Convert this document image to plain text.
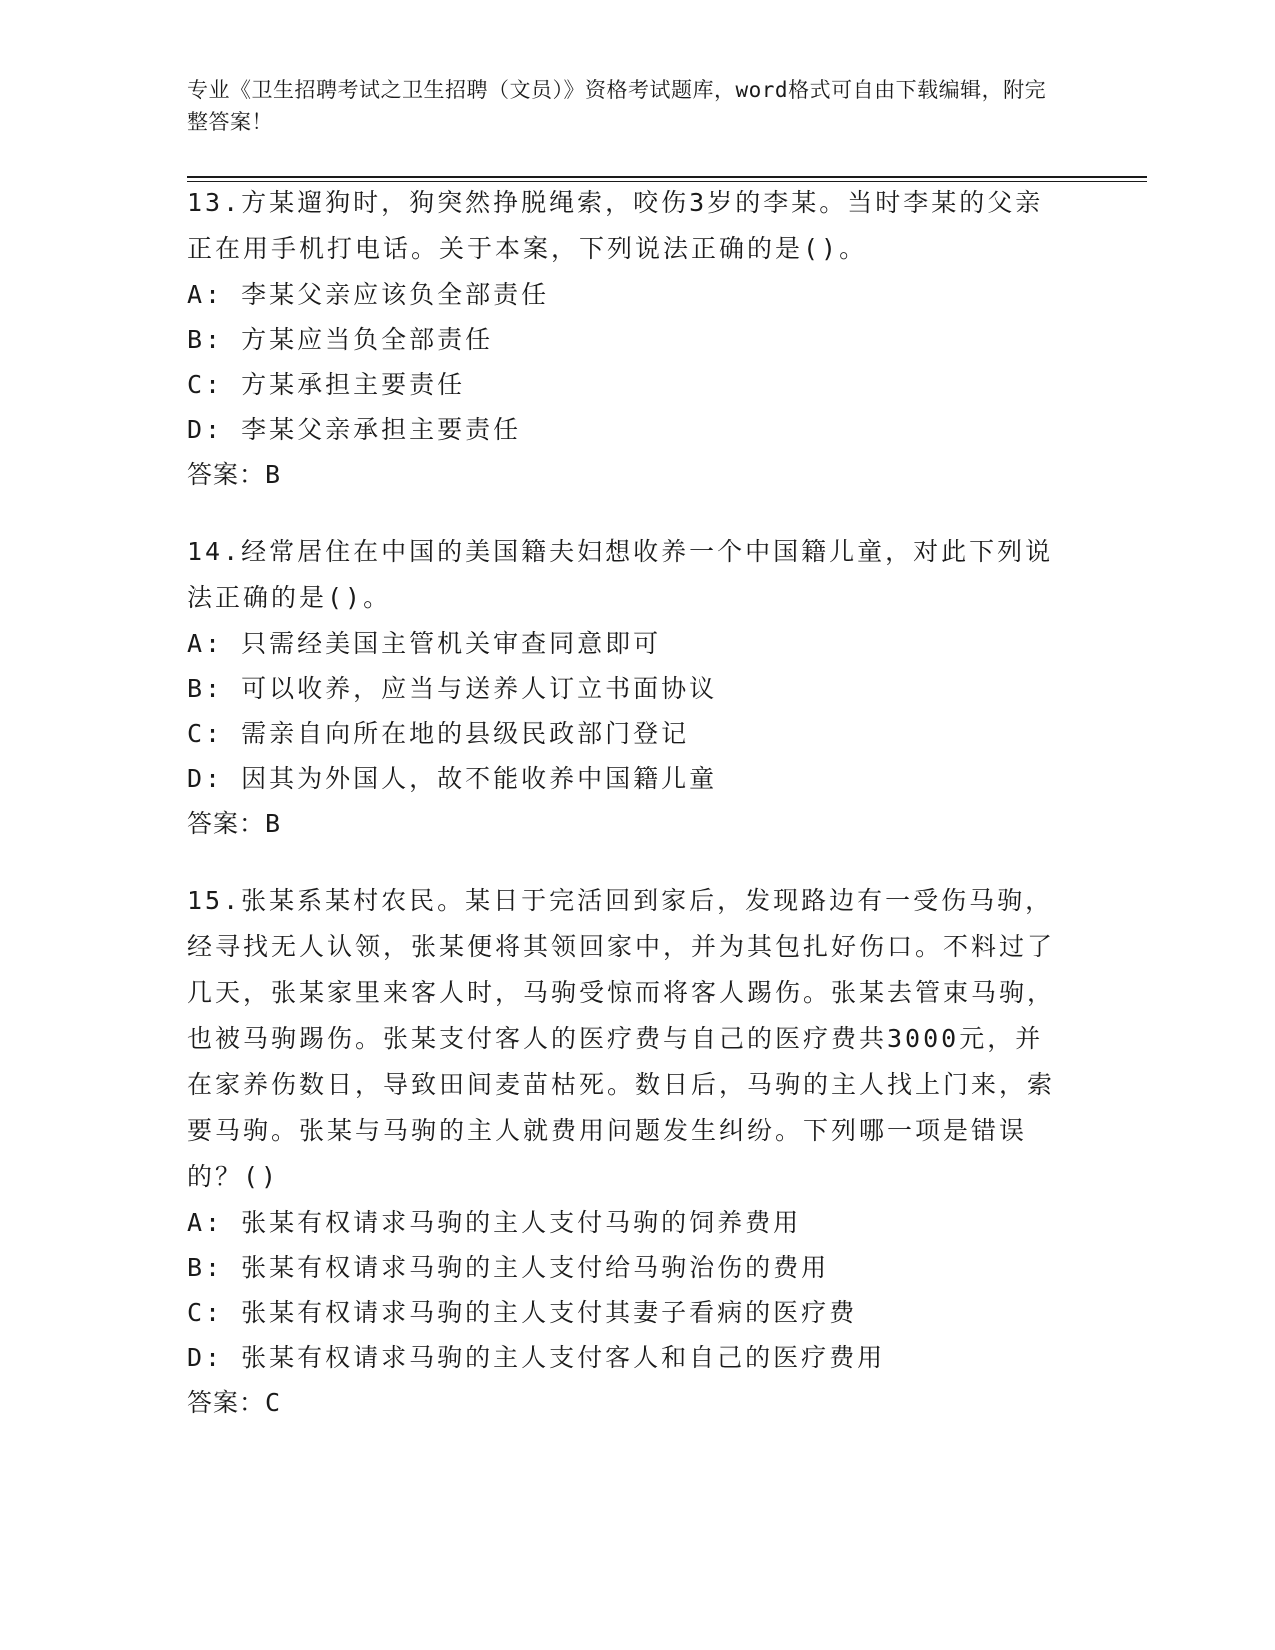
专业《卫生招聘考试之卫生招聘（文员）》资格考试题库，word格式可自由下载编辑，附完整答案！

13.方某遛狗时，狗突然挣脱绳索，咬伤3岁的李某。当时李某的父亲正在用手机打电话。关于本案，下列说法正确的是()。

A: 李某父亲应该负全部责任

B: 方某应当负全部责任

C: 方某承担主要责任

D: 李某父亲承担主要责任

答案：B

14.经常居住在中国的美国籍夫妇想收养一个中国籍儿童，对此下列说法正确的是()。

A: 只需经美国主管机关审查同意即可

B: 可以收养，应当与送养人订立书面协议

C: 需亲自向所在地的县级民政部门登记

D: 因其为外国人，故不能收养中国籍儿童

答案：B

15.张某系某村农民。某日于完活回到家后，发现路边有一受伤马驹，经寻找无人认领，张某便将其领回家中，并为其包扎好伤口。不料过了几天，张某家里来客人时，马驹受惊而将客人踢伤。张某去管束马驹，也被马驹踢伤。张某支付客人的医疗费与自己的医疗费共3000元，并在家养伤数日，导致田间麦苗枯死。数日后，马驹的主人找上门来，索要马驹。张某与马驹的主人就费用问题发生纠纷。下列哪一项是错误的？()

A: 张某有权请求马驹的主人支付马驹的饲养费用

B: 张某有权请求马驹的主人支付给马驹治伤的费用

C: 张某有权请求马驹的主人支付其妻子看病的医疗费

D: 张某有权请求马驹的主人支付客人和自己的医疗费用

答案：C
